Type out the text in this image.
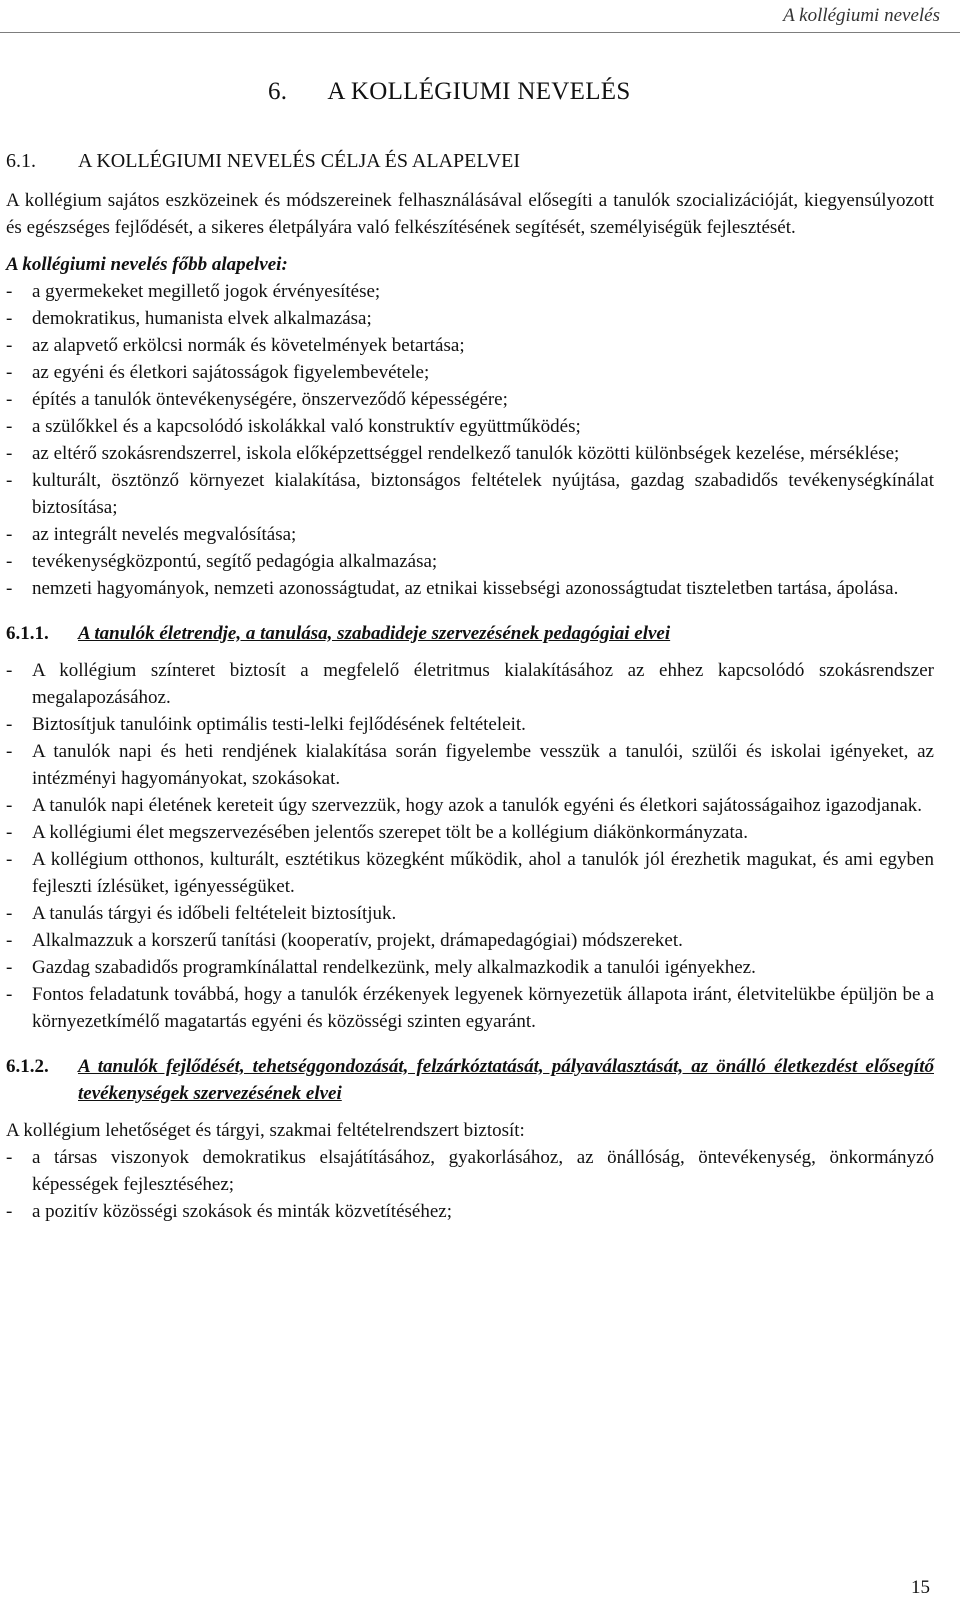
A kollégiumi nevelés
6. A KOLLÉGIUMI NEVELÉS
6.1. A KOLLÉGIUMI NEVELÉS CÉLJA ÉS ALAPELVEI

A kollégium sajátos eszközeinek és módszereinek felhasználásával elősegíti a tanulók szocializációját, kiegyensúlyozott és egészséges fejlődését, a sikeres életpályára való felkészítésének segítését, személyiségük fejlesztését.

A kollégiumi nevelés főbb alapelvei:

- a gyermekeket megillető jogok érvényesítése;
- demokratikus, humanista elvek alkalmazása;
- az alapvető erkölcsi normák és követelmények betartása;
- az egyéni és életkori sajátosságok figyelembevétele;
- építés a tanulók öntevékenységére, önszerveződő képességére;
- a szülőkkel és a kapcsolódó iskolákkal való konstruktív együttműködés;
- az eltérő szokásrendszerrel, iskola előképzettséggel rendelkező tanulók közötti különbségek kezelése, mérséklése;
- kulturált, ösztönző környezet kialakítása, biztonságos feltételek nyújtása, gazdag szabadidős tevékenységkínálat biztosítása;
- az integrált nevelés megvalósítása;
- tevékenységközpontú, segítő pedagógia alkalmazása;
- nemzeti hagyományok, nemzeti azonosságtudat, az etnikai kissebségi azonosságtudat tiszteletben tartása, ápolása.
6.1.1.	A tanulók életrendje, a tanulása, szabadideje szervezésének pedagógiai elvei
- A kollégium színteret biztosít a megfelelő életritmus kialakításához az ehhez kapcsolódó szokásrendszer megalapozásához.
- Biztosítjuk tanulóink optimális testi-lelki fejlődésének feltételeit.
- A tanulók napi és heti rendjének kialakítása során figyelembe vesszük a tanulói, szülői és iskolai igényeket, az intézményi hagyományokat, szokásokat.
- A tanulók napi életének kereteit úgy szervezzük, hogy azok a tanulók egyéni és életkori sajátosságaihoz igazodjanak.
- A kollégiumi élet megszervezésében jelentős szerepet tölt be a kollégium diákönkormányzata.
- A kollégium otthonos, kulturált, esztétikus közegként működik, ahol a tanulók jól érezhetik magukat, és ami egyben fejleszti ízlésüket, igényességüket.
- A tanulás tárgyi és időbeli feltételeit biztosítjuk.
- Alkalmazzuk a korszerű tanítási (kooperatív, projekt, drámapedagógiai) módszereket.
- Gazdag szabadidős programkínálattal rendelkezünk, mely alkalmazkodik a tanulói igényekhez.
- Fontos feladatunk továbbá, hogy a tanulók érzékenyek legyenek környezetük állapota iránt, életvitelükbe épüljön be a környezetkímélő magatartás egyéni és közösségi szinten egyaránt.
6.1.2.	A tanulók fejlődését, tehetséggondozását, felzárkóztatását, pályaválasztását, az önálló életkezdést elősegítő tevékenységek szervezésének elvei

A kollégium lehetőséget és tárgyi, szakmai feltételrendszert biztosít:

- a társas viszonyok demokratikus elsajátításához, gyakorlásához, az önállóság, öntevékenység, önkormányzó képességek fejlesztéséhez;
- a pozitív közösségi szokások és minták közvetítéséhez;
15
